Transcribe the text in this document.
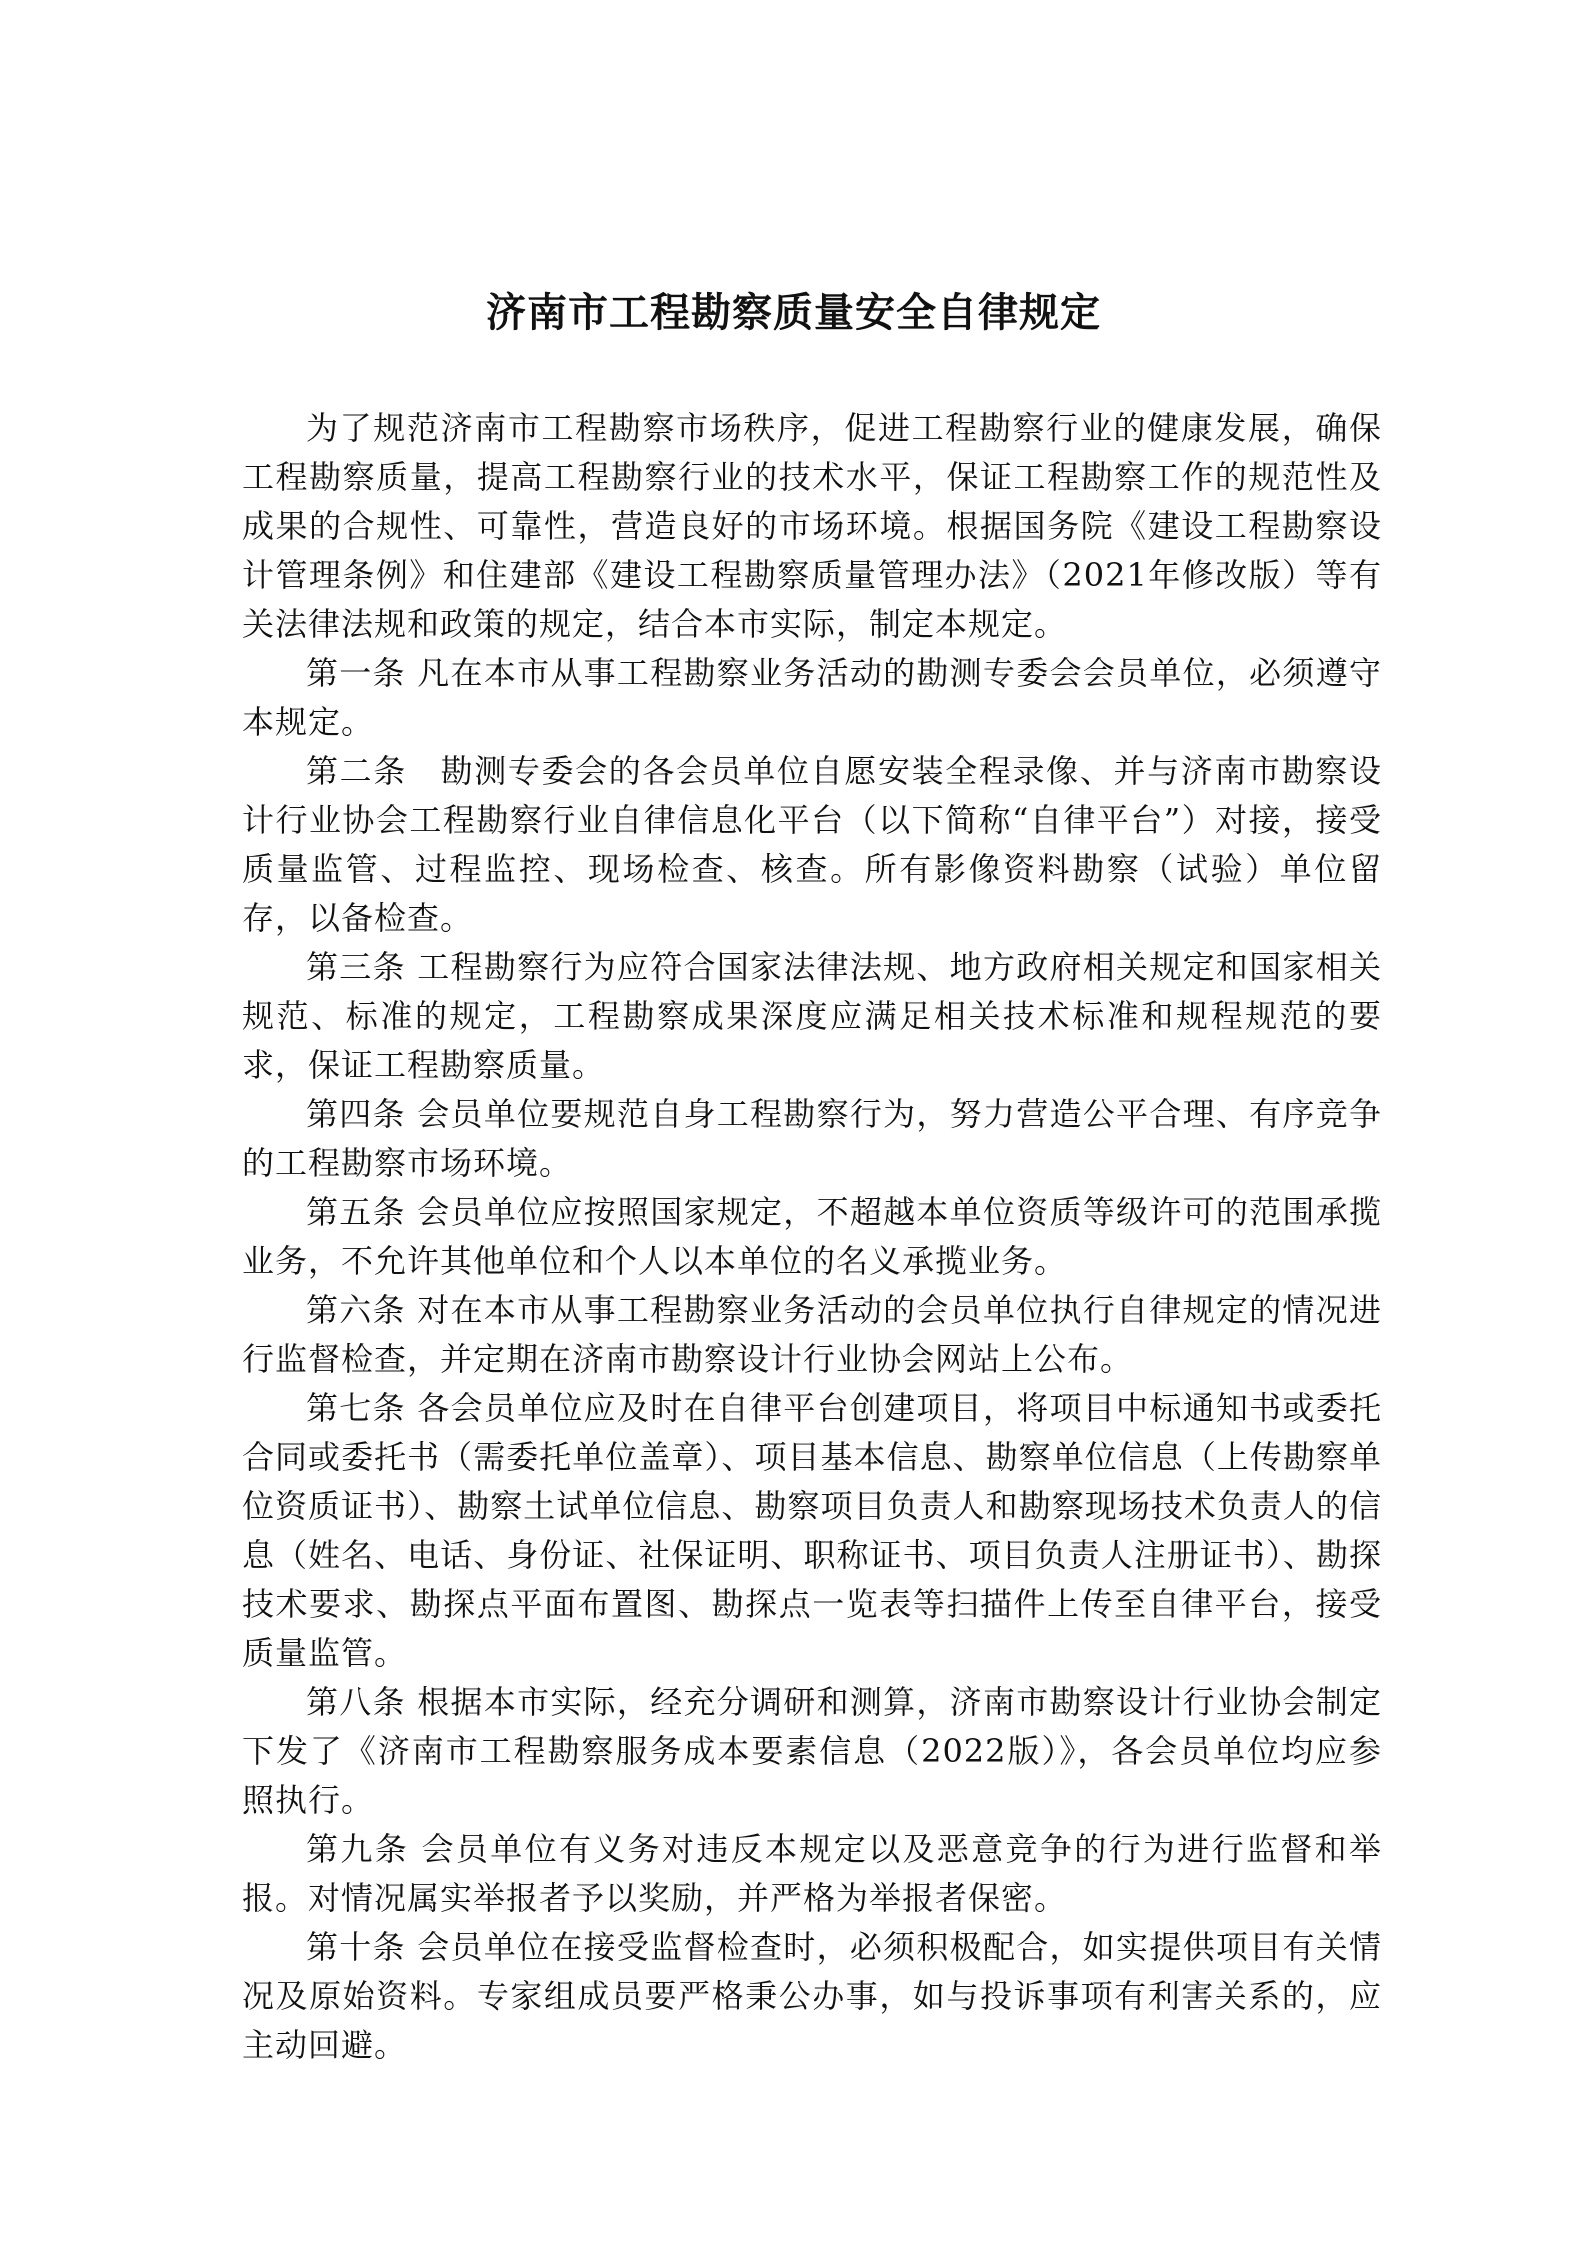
济南市工程勘察质量安全自律规定

为了规范济南市工程勘察市场秩序，促进工程勘察行业的健康发展，确保工程勘察质量，提高工程勘察行业的技术水平，保证工程勘察工作的规范性及成果的合规性、可靠性，营造良好的市场环境。根据国务院《建设工程勘察设计管理条例》和住建部《建设工程勘察质量管理办法》（2021年修改版）等有关法律法规和政策的规定，结合本市实际，制定本规定。

第一条 凡在本市从事工程勘察业务活动的勘测专委会会员单位，必须遵守本规定。

第二条　勘测专委会的各会员单位自愿安装全程录像、并与济南市勘察设计行业协会工程勘察行业自律信息化平台（以下简称“自律平台”）对接，接受质量监管、过程监控、现场检查、核查。所有影像资料勘察（试验）单位留存，以备检查。

第三条 工程勘察行为应符合国家法律法规、地方政府相关规定和国家相关规范、标准的规定，工程勘察成果深度应满足相关技术标准和规程规范的要求，保证工程勘察质量。

第四条 会员单位要规范自身工程勘察行为，努力营造公平合理、有序竞争的工程勘察市场环境。

第五条 会员单位应按照国家规定，不超越本单位资质等级许可的范围承揽业务，不允许其他单位和个人以本单位的名义承揽业务。

第六条 对在本市从事工程勘察业务活动的会员单位执行自律规定的情况进行监督检查，并定期在济南市勘察设计行业协会网站上公布。

第七条 各会员单位应及时在自律平台创建项目，将项目中标通知书或委托合同或委托书（需委托单位盖章）、项目基本信息、勘察单位信息（上传勘察单位资质证书）、勘察土试单位信息、勘察项目负责人和勘察现场技术负责人的信息（姓名、电话、身份证、社保证明、职称证书、项目负责人注册证书）、勘探技术要求、勘探点平面布置图、勘探点一览表等扫描件上传至自律平台，接受质量监管。

第八条 根据本市实际，经充分调研和测算，济南市勘察设计行业协会制定下发了《济南市工程勘察服务成本要素信息（2022版）》，各会员单位均应参照执行。

第九条 会员单位有义务对违反本规定以及恶意竞争的行为进行监督和举报。对情况属实举报者予以奖励，并严格为举报者保密。

第十条 会员单位在接受监督检查时，必须积极配合，如实提供项目有关情况及原始资料。专家组成员要严格秉公办事，如与投诉事项有利害关系的，应主动回避。
